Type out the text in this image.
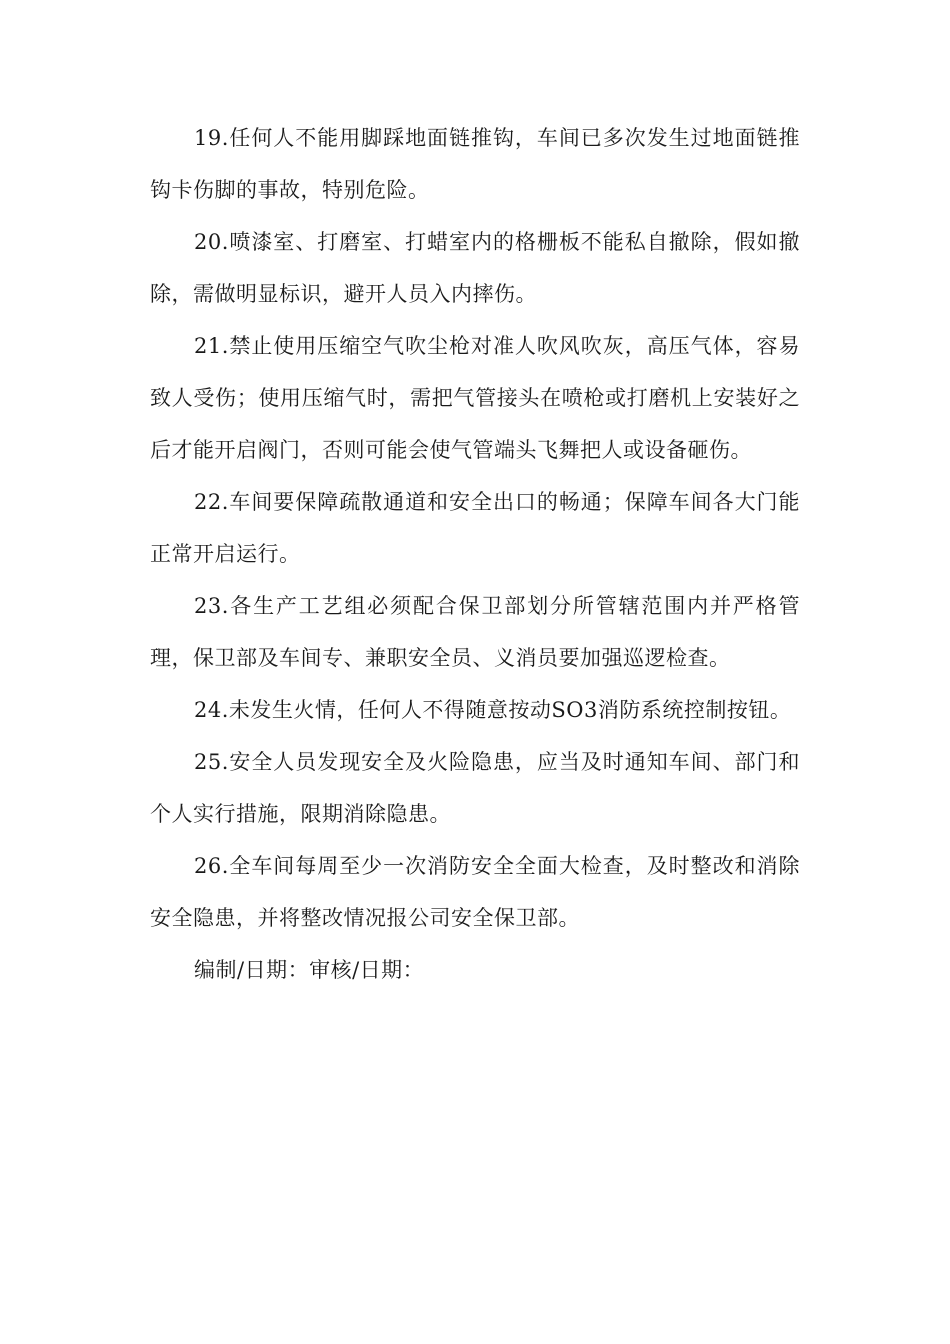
19.任何人不能用脚踩地面链推钩，车间已多次发生过地面链推钩卡伤脚的事故，特别危险。

20.喷漆室、打磨室、打蜡室内的格栅板不能私自撤除，假如撤除，需做明显标识，避开人员入内摔伤。

21.禁止使用压缩空气吹尘枪对准人吹风吹灰，高压气体，容易致人受伤；使用压缩气时，需把气管接头在喷枪或打磨机上安装好之后才能开启阀门，否则可能会使气管端头飞舞把人或设备砸伤。

22.车间要保障疏散通道和安全出口的畅通；保障车间各大门能正常开启运行。

23.各生产工艺组必须配合保卫部划分所管辖范围内并严格管理，保卫部及车间专、兼职安全员、义消员要加强巡逻检查。

24.未发生火情，任何人不得随意按动SO3消防系统控制按钮。

25.安全人员发现安全及火险隐患，应当及时通知车间、部门和个人实行措施，限期消除隐患。

26.全车间每周至少一次消防安全全面大检查，及时整改和消除安全隐患，并将整改情况报公司安全保卫部。

编制/日期：审核/日期：
